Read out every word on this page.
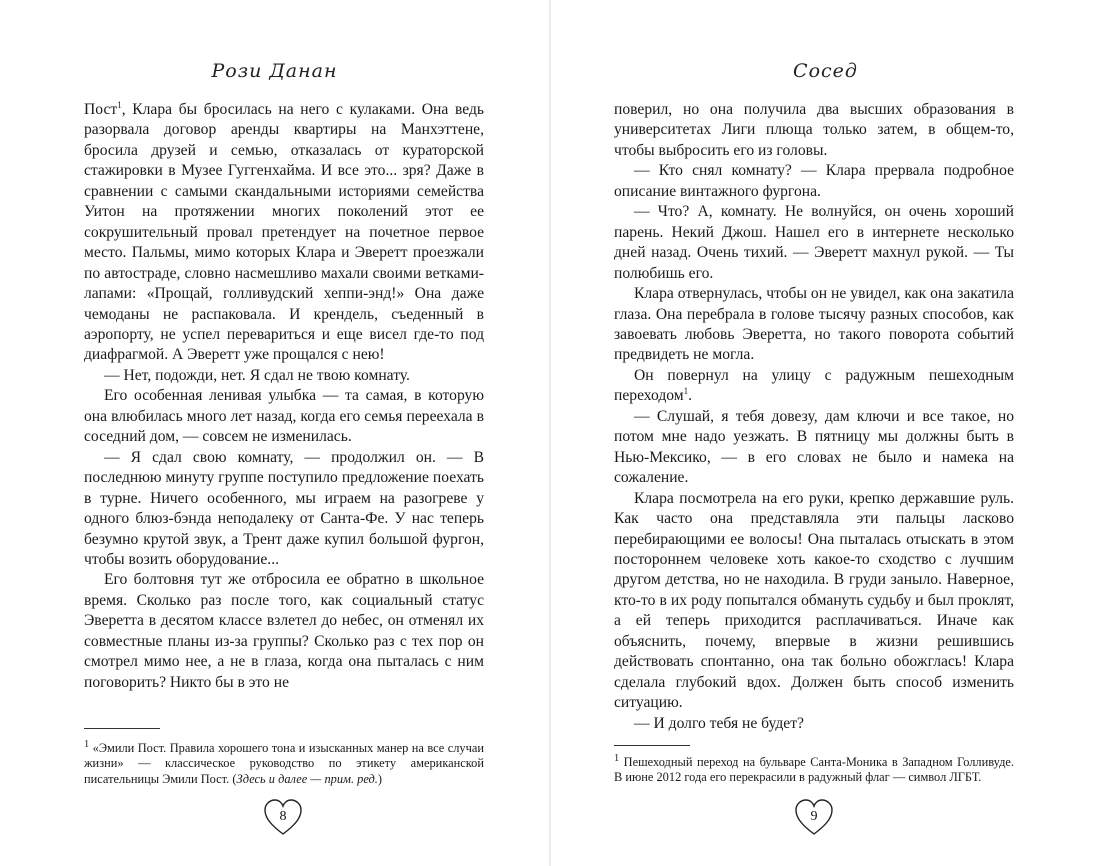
Рози Данан

Пост$^1$, Клара бы бросилась на него с кулаками. Она ведь разорвала договор аренды квартиры на Манхэттене, бросила друзей и семью, отказалась от кураторской стажировки в Музее Гуггенхайма. И все это... зря? Даже в сравнении с самыми скандальными историями семейства Уитон на протяжении многих поколений этот ее сокрушительный провал претендует на почетное первое место. Пальмы, мимо которых Клара и Эверетт проезжали по автостраде, словно насмешливо махали своими ветками-лапами: «Прощай, голливудский хеппи-энд!» Она даже чемоданы не распаковала. И крендель, съеденный в аэропорту, не успел перевариться и еще висел где-то под диафрагмой. А Эверетт уже прощался с нею!

— Нет, подожди, нет. Я сдал не твою комнату.

Его особенная ленивая улыбка — та самая, в которую она влюбилась много лет назад, когда его семья переехала в соседний дом, — совсем не изменилась.

— Я сдал свою комнату, — продолжил он. — В последнюю минуту группе поступило предложение поехать в турне. Ничего особенного, мы играем на разогреве у одного блюз-бэнда неподалеку от Санта-Фе. У нас теперь безумно крутой звук, а Трент даже купил большой фургон, чтобы возить оборудование...

Его болтовня тут же отбросила ее обратно в школьное время. Сколько раз после того, как социальный статус Эверетта в десятом классе взлетел до небес, он отменял их совместные планы из-за группы? Сколько раз с тех пор он смотрел мимо нее, а не в глаза, когда она пыталась с ним поговорить? Никто бы в это не

$^1$ «Эмили Пост. Правила хорошего тона и изысканных манер на все случаи жизни» — классическое руководство по этикету американской писательницы Эмили Пост. (Здесь и далее — прим. ред.)
8
Сосед

поверил, но она получила два высших образования в университетах Лиги плюща только затем, в общем-то, чтобы выбросить его из головы.

— Кто снял комнату? — Клара прервала подробное описание винтажного фургона.

— Что? А, комнату. Не волнуйся, он очень хороший парень. Некий Джош. Нашел его в интернете несколько дней назад. Очень тихий. — Эверетт махнул рукой. — Ты полюбишь его.

Клара отвернулась, чтобы он не увидел, как она закатила глаза. Она перебрала в голове тысячу разных способов, как завоевать любовь Эверетта, но такого поворота событий предвидеть не могла.

Он повернул на улицу с радужным пешеходным переходом$^1$.

— Слушай, я тебя довезу, дам ключи и все такое, но потом мне надо уезжать. В пятницу мы должны быть в Нью-Мексико, — в его словах не было и намека на сожаление.

Клара посмотрела на его руки, крепко державшие руль. Как часто она представляла эти пальцы ласково перебирающими ее волосы! Она пыталась отыскать в этом постороннем человеке хоть какое-то сходство с лучшим другом детства, но не находила. В груди заныло. Наверное, кто-то в их роду попытался обмануть судьбу и был проклят, а ей теперь приходится расплачиваться. Иначе как объяснить, почему, впервые в жизни решившись действовать спонтанно, она так больно обожглась! Клара сделала глубокий вдох. Должен быть способ изменить ситуацию.

— И долго тебя не будет?

$^1$ Пешеходный переход на бульваре Санта-Моника в Западном Голливуде. В июне 2012 года его перекрасили в радужный флаг — символ ЛГБТ.
9
